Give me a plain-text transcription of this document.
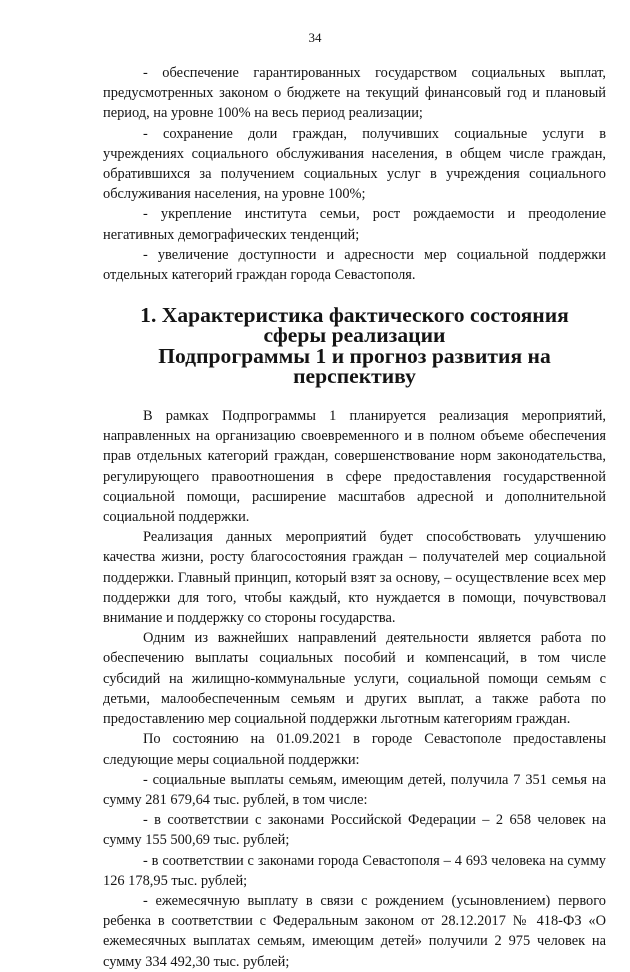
34

- обеспечение гарантированных государством социальных выплат, предусмотренных законом о бюджете на текущий финансовый год и плановый период, на уровне 100% на весь период реализации;

- сохранение доли граждан, получивших социальные услуги в учреждениях социального обслуживания населения, в общем числе граждан, обратившихся за получением социальных услуг в учреждения социального обслуживания населения, на уровне 100%;

- укрепление института семьи, рост рождаемости и преодоление негативных демографических тенденций;

- увеличение доступности и адресности мер социальной поддержки отдельных категорий граждан города Севастополя.

1. Характеристика фактического состояния сферы реализации
Подпрограммы 1 и прогноз развития на перспективу

В рамках Подпрограммы 1 планируется реализация мероприятий, направленных на организацию своевременного и в полном объеме обеспечения прав отдельных категорий граждан, совершенствование норм законодательства, регулирующего правоотношения в сфере предоставления государственной социальной помощи, расширение масштабов адресной и дополнительной социальной поддержки.

Реализация данных мероприятий будет способствовать улучшению качества жизни, росту благосостояния граждан – получателей мер социальной поддержки. Главный принцип, который взят за основу, – осуществление всех мер поддержки для того, чтобы каждый, кто нуждается в помощи, почувствовал внимание и поддержку со стороны государства.

Одним из важнейших направлений деятельности является работа по обеспечению выплаты социальных пособий и компенсаций, в том числе субсидий на жилищно-коммунальные услуги, социальной помощи семьям с детьми, малообеспеченным семьям и других выплат, а также работа по предоставлению мер социальной поддержки льготным категориям граждан.

По состоянию на 01.09.2021 в городе Севастополе предоставлены следующие меры социальной поддержки:

- социальные выплаты семьям, имеющим детей, получила 7 351 семья на сумму 281 679,64 тыс. рублей, в том числе:

- в соответствии с законами Российской Федерации – 2 658 человек на сумму 155 500,69 тыс. рублей;

- в соответствии с законами города Севастополя – 4 693 человека на сумму 126 178,95 тыс. рублей;

- ежемесячную выплату в связи с рождением (усыновлением) первого ребенка в соответствии с Федеральным законом от 28.12.2017 № 418-ФЗ «О ежемесячных выплатах семьям, имеющим детей» получили 2 975 человек на сумму 334 492,30 тыс. рублей;
